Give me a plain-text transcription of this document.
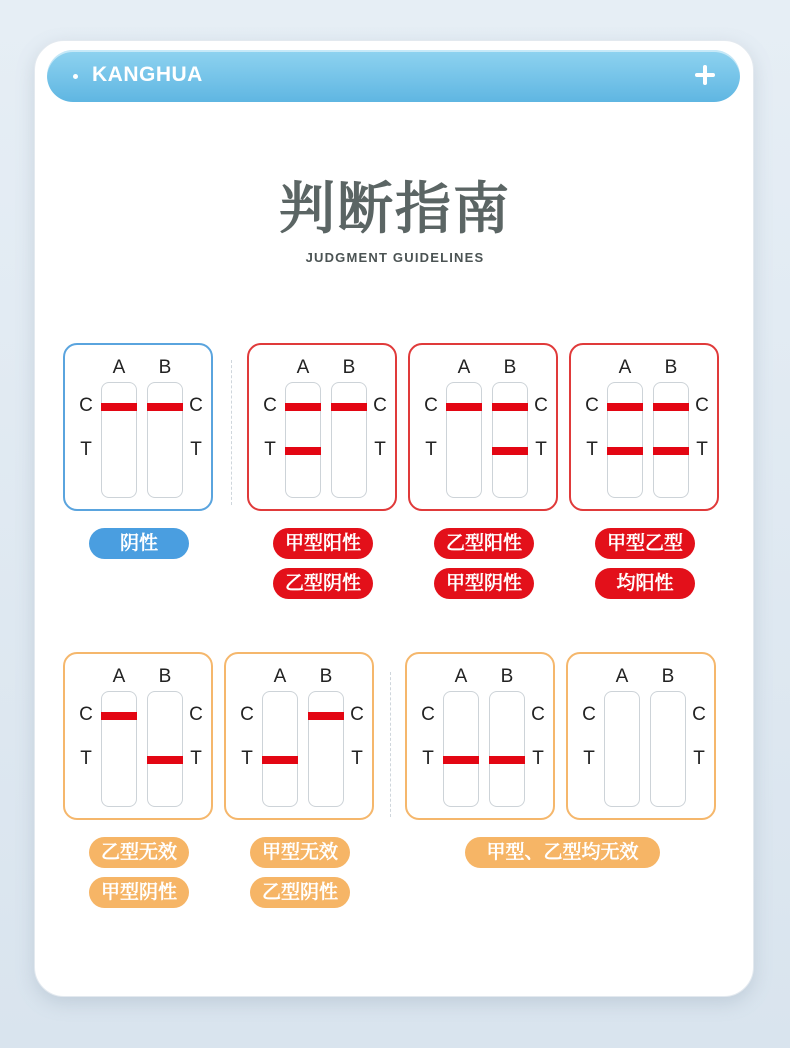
KANGHUA
判断指南
JUDGMENT GUIDELINES
A B
C	C
T	T
阴性
A B
C	C
T	T
甲型阳性
乙型阴性
A B
C	C
T	T
乙型阳性
甲型阴性
A B
C	C
T	T
甲型乙型
均阳性
A B
C	C
T	T
乙型无效
甲型阴性
A B
C	C
T	T
甲型无效
乙型阴性
A B
C	C
T	T
甲型、乙型均无效
A B
C	C
T	T
